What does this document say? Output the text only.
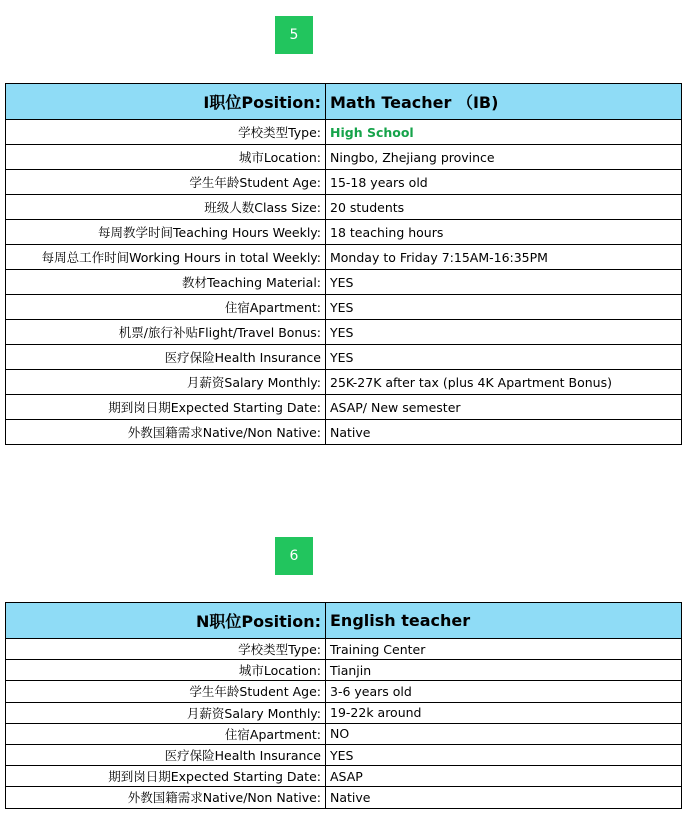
5
I职位Position:	Math Teacher （IB)
学校类型Type:	High School
城市Location:	Ningbo, Zhejiang province
学生年龄Student Age:	15-18 years old
班级人数Class Size:	20 students
每周教学时间Teaching Hours Weekly:	18 teaching hours
每周总工作时间Working Hours in total Weekly:	Monday to Friday 7:15AM-16:35PM
教材Teaching Material:	YES
住宿Apartment:	YES
机票/旅行补贴Flight/Travel Bonus:	YES
医疗保险Health Insurance	YES
月薪资Salary Monthly:	25K-27K after tax (plus 4K Apartment Bonus)
期到岗日期Expected Starting Date:	ASAP/ New semester
外教国籍需求Native/Non Native:	Native
6
N职位Position:	English teacher
学校类型Type:	Training Center
城市Location:	Tianjin
学生年龄Student Age:	3-6 years old
月薪资Salary Monthly:	19-22k around
住宿Apartment:	NO
医疗保险Health Insurance	YES
期到岗日期Expected Starting Date:	ASAP
外教国籍需求Native/Non Native:	Native
